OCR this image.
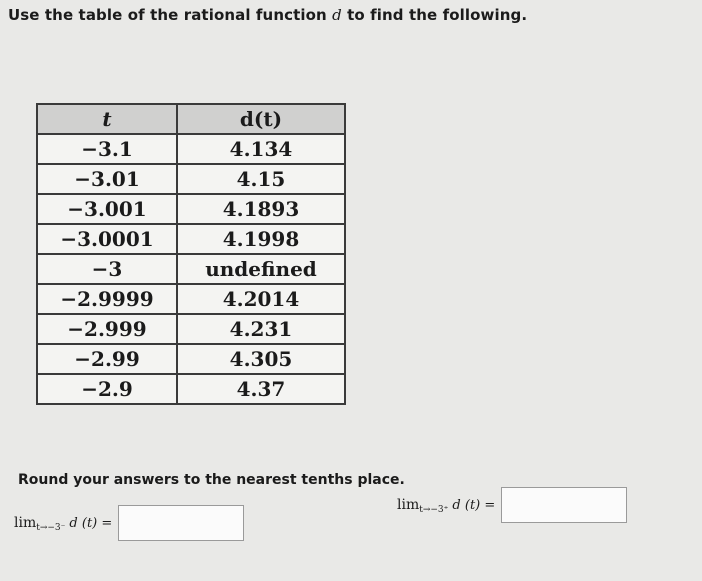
Use the table of the rational function d to find the following.
t	d(t)
−3.1	4.134
−3.01	4.15
−3.001	4.1893
−3.0001	4.1998
−3	undefined
−2.9999	4.2014
−2.999	4.231
−2.99	4.305
−2.9	4.37
Round your answers to the nearest tenths place.
lim t→−3⁻ d (t) =
lim t→−3⁺ d (t) =
